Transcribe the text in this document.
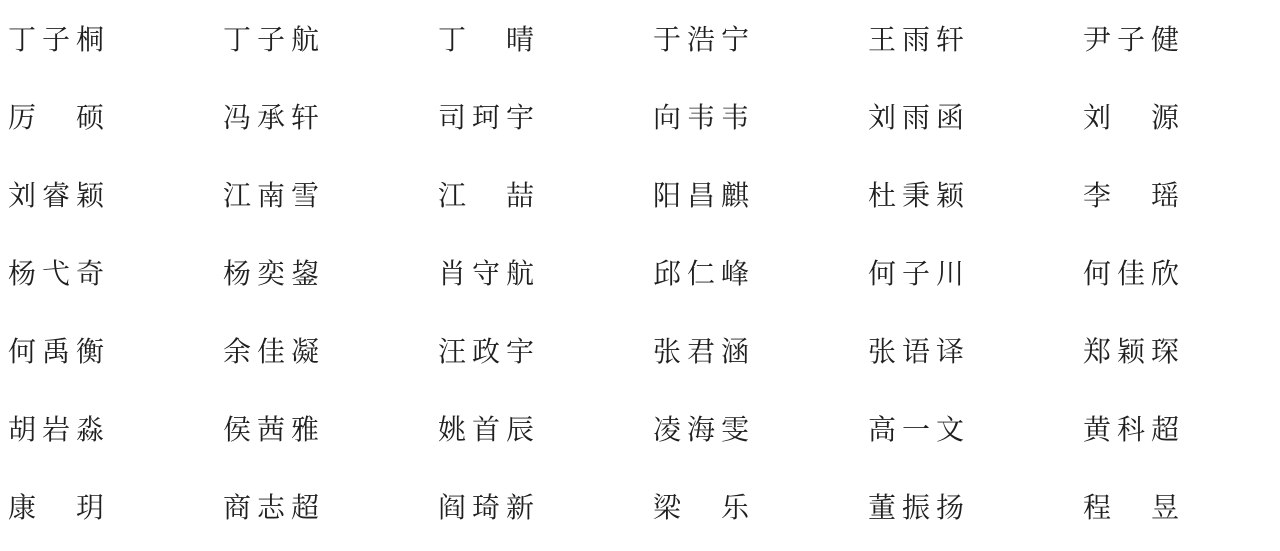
丁 子 桐	丁 子 航	丁 晴	于 浩 宁	王 雨 轩	尹 子 健
厉 硕	冯 承 轩	司 珂 宇	向 韦 韦	刘 雨 函	刘 源
刘 睿 颖	江 南 雪	江 喆	阳 昌 麒	杜 秉 颖	李 瑶
杨 弋 奇	杨 奕 鋆	肖 守 航	邱 仁 峰	何 子 川	何 佳 欣
何 禹 衡	余 佳 凝	汪 政 宇	张 君 涵	张 语 译	郑 颖 琛
胡 岩 淼	侯 茜 雅	姚 首 辰	凌 海 雯	高 一 文	黄 科 超
康 玥	商 志 超	阎 琦 新	梁 乐	董 振 扬	程 昱
